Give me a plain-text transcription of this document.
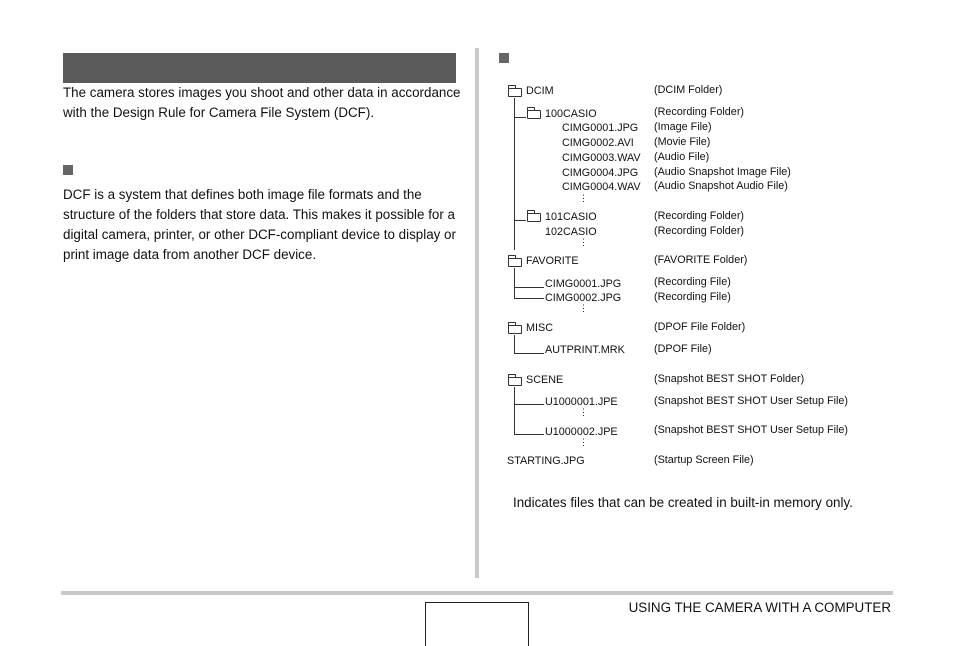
The camera stores images you shoot and other data in accordance with the Design Rule for Camera File System (DCF).
DCF is a system that defines both image file formats and the structure of the folders that store data. This makes it possible for a digital camera, printer, or other DCF-compliant device to display or print image data from another DCF device.
USING THE CAMERA WITH A COMPUTER
DCIM	(DCIM Folder)
100CASIO	(Recording Folder)
CIMG0001.JPG (Image File)
CIMG0002.AVI (Movie File)
CIMG0003.WAV (Audio File)
CIMG0004.JPG (Audio Snapshot Image File)
CIMG0004.WAV (Audio Snapshot Audio File)
⋮
101CASIO	(Recording Folder)
102CASIO	(Recording Folder)
⋮
FAVORITE	(FAVORITE Folder)
CIMG0001.JPG	(Recording File)
CIMG0002.JPG	(Recording File)
⋮
MISC	(DPOF File Folder)
AUTPRINT.MRK	(DPOF File)
SCENE	(Snapshot BEST SHOT Folder)
U1000001.JPE	(Snapshot BEST SHOT User Setup File)
⋮
U1000002.JPE	(Snapshot BEST SHOT User Setup File)
⋮
STARTING.JPG	(Startup Screen File)
Indicates files that can be created in built-in memory only.
